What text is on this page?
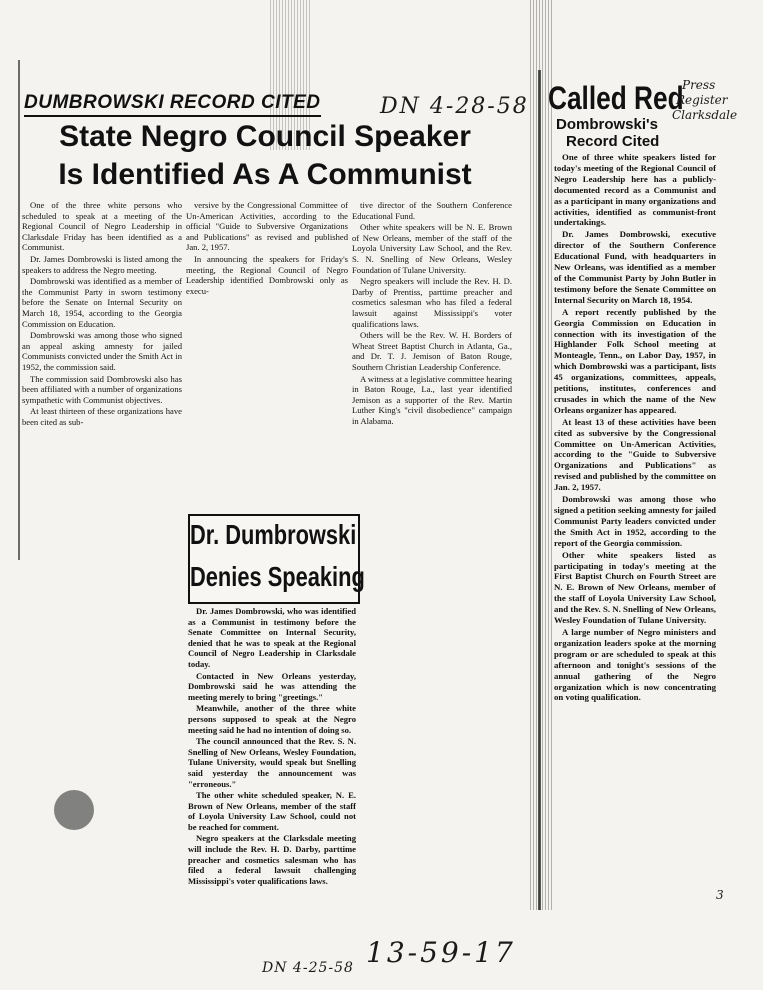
DUMBROWSKI RECORD CITED
State Negro Council Speaker
Is Identified As A Communist

One of the three white persons who scheduled to speak at a meeting of the Regional Council of Negro Leadership in Clarksdale Friday has been identified as a Communist.

Dr. James Dombrowski is listed among the speakers to address the Negro meeting.

Dombrowski was identified as a member of the Communist Party in sworn testimony before the Senate on Internal Security on March 18, 1954, according to the Georgia Commission on Education.

Dombrowski was among those who signed an appeal asking amnesty for jailed Communists convicted under the Smith Act in 1952, the commission said.

The commission said Dombrowski also has been affiliated with a number of organizations sympathetic with Communist objectives.

At least thirteen of these organizations have been cited as sub-

versive by the Congressional Committee of Un-American Activities, according to the official "Guide to Subversive Organizations and Publications" as revised and published Jan. 2, 1957.

In announcing the speakers for Friday's meeting, the Regional Council of Negro Leadership identified Dombrowski only as execu-

tive director of the Southern Conference Educational Fund.

Other white speakers will be N. E. Brown of New Orleans, member of the staff of the Loyola University Law School, and the Rev. S. N. Snelling of New Orleans, Wesley Foundation of Tulane University.

Negro speakers will include the Rev. H. D. Darby of Prentiss, parttime preacher and cosmetics salesman who has filed a federal lawsuit against Mississippi's voter qualifications laws.

Others will be the Rev. W. H. Borders of Wheat Street Baptist Church in Atlanta, Ga., and Dr. T. J. Jemison of Baton Rouge, Southern Christian Leadership Conference.

A witness at a legislative committee hearing in Baton Rouge, La., last year identified Jemison as a supporter of the Rev. Martin Luther King's "civil disobedience" campaign in Alabama.

Dr. Dumbrowski
Denies Speaking

Dr. James Dombrowski, who was identified as a Communist in testimony before the Senate Committee on Internal Security, denied that he was to speak at the Regional Council of Negro Leadership in Clarksdale today.

Contacted in New Orleans yesterday, Dombrowski said he was attending the meeting merely to bring "greetings."

Meanwhile, another of the three white persons supposed to speak at the Negro meeting said he had no intention of doing so.

The council announced that the Rev. S. N. Snelling of New Orleans, Wesley Foundation, Tulane University, would speak but Snelling said yesterday the announcement was "erroneous."

The other white scheduled speaker, N. E. Brown of New Orleans, member of the staff of Loyola University Law School, could not be reached for comment.

Negro speakers at the Clarksdale meeting will include the Rev. H. D. Darby, parttime preacher and cosmetics salesman who has filed a federal lawsuit challenging Mississippi's voter qualifications laws.

Called Red
Dombrowski's
Record Cited

One of three white speakers listed for today's meeting of the Regional Council of Negro Leadership here has a publicly-documented record as a Communist and as a participant in many organizations and activities, identified as communist-front undertakings.

Dr. James Dombrowski, executive director of the Southern Conference Educational Fund, with headquarters in New Orleans, was identified as a member of the Communist Party by John Butler in testimony before the Senate Committee on Internal Security on March 18, 1954.

A report recently published by the Georgia Commission on Education in connection with its investigation of the Highlander Folk School meeting at Monteagle, Tenn., on Labor Day, 1957, in which Dombrowski was a participant, lists 45 organizations, committees, appeals, petitions, institutes, conferences and crusades in which the name of the New Orleans organizer has appeared.

At least 13 of these activities have been cited as subversive by the Congressional Committee on Un-American Activities, according to the "Guide to Subversive Organizations and Publications" as revised and published by the committee on Jan. 2, 1957.

Dombrowski was among those who signed a petition seeking amnesty for jailed Communist Party leaders convicted under the Smith Act in 1952, according to the report of the Georgia commission.

Other white speakers listed as participating in today's meeting at the First Baptist Church on Fourth Street are N. E. Brown of New Orleans, member of the staff of Loyola University Law School, and the Rev. S. N. Snelling of New Orleans, Wesley Foundation of Tulane University.

A large number of Negro ministers and organization leaders spoke at the morning program or are scheduled to speak at this afternoon and tonight's sessions of the annual gathering of the Negro organization which is now concentrating on voting qualification.

DN 4-28-58
Press
Register
Clarksdale
DN 4-25-58 13-59-17
3
